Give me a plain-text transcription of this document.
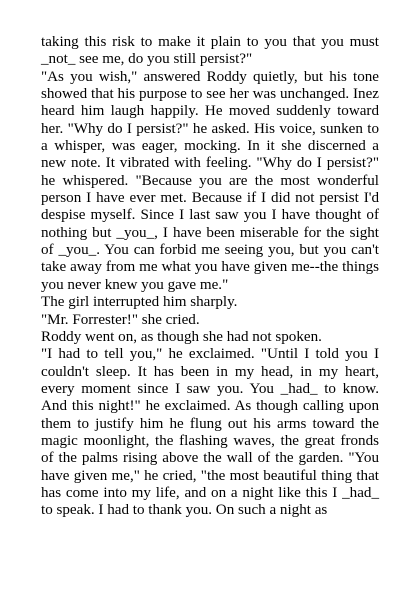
taking this risk to make it plain to you that you must _not_ see me, do you still persist?"

"As you wish," answered Roddy quietly, but his tone showed that his purpose to see her was unchanged. Inez heard him laugh happily. He moved suddenly toward her. "Why do I persist?" he asked. His voice, sunken to a whisper, was eager, mocking. In it she discerned a new note. It vibrated with feeling. "Why do I persist?" he whispered. "Because you are the most wonderful person I have ever met. Because if I did not persist I'd despise myself. Since I last saw you I have thought of nothing but _you_, I have been miserable for the sight of _you_. You can forbid me seeing you, but you can't take away from me what you have given me--the things you never knew you gave me."

The girl interrupted him sharply.

"Mr. Forrester!" she cried.

Roddy went on, as though she had not spoken.

"I had to tell you," he exclaimed. "Until I told you I couldn't sleep. It has been in my head, in my heart, every moment since I saw you. You _had_ to know. And this night!" he exclaimed. As though calling upon them to justify him he flung out his arms toward the magic moonlight, the flashing waves, the great fronds of the palms rising above the wall of the garden. "You have given me," he cried, "the most beautiful thing that has come into my life, and on a night like this I _had_ to speak. I had to thank you. On such a night as
